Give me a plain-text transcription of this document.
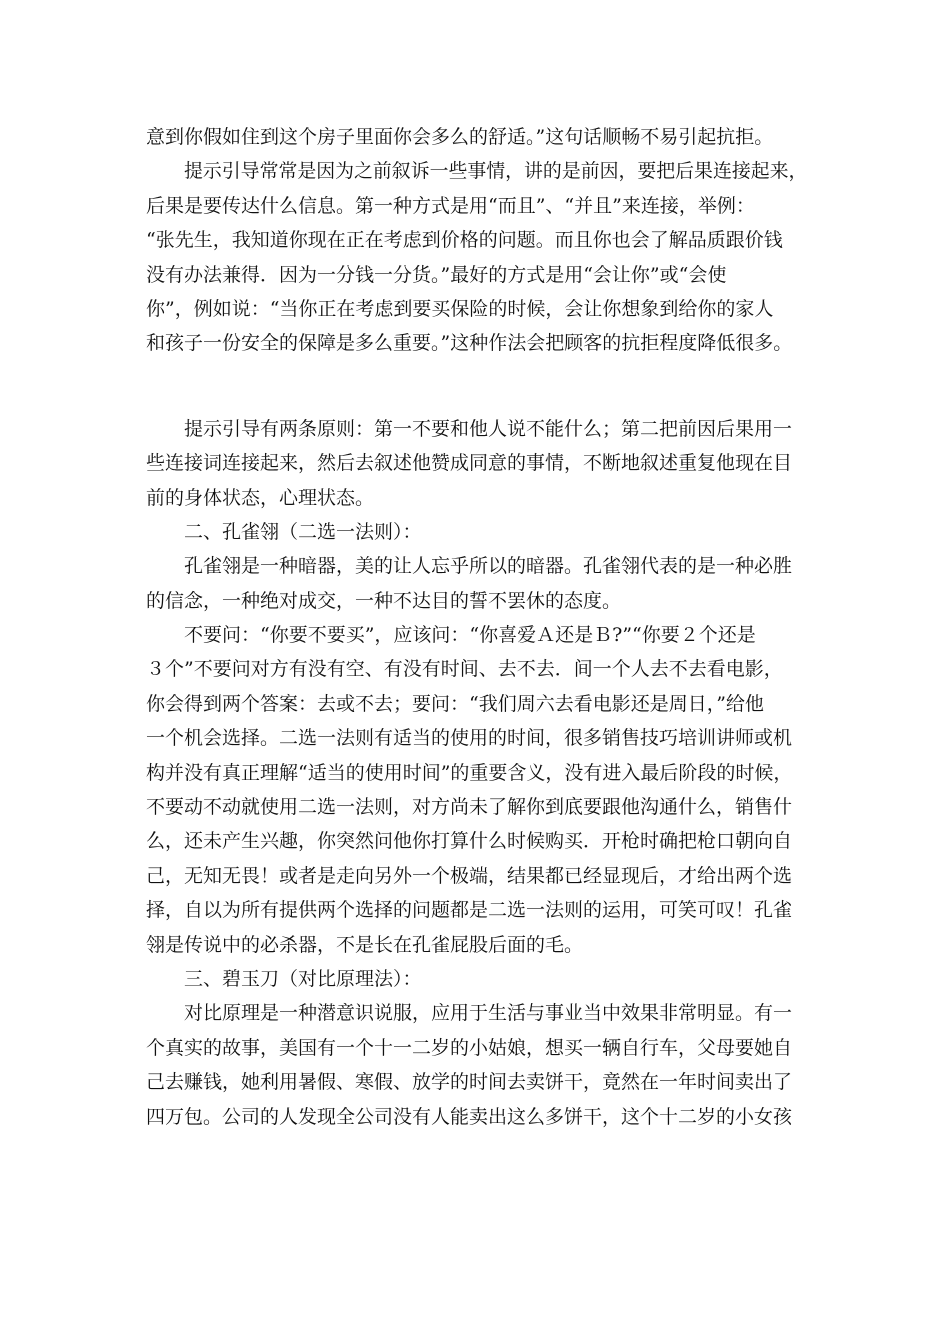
意到你假如住到这个房子里面你会多么的舒适。”这句话顺畅不易引起抗拒。
提示引导常常是因为之前叙诉一些事情，讲的是前因，要把后果连接起来，
后果是要传达什么信息。第一种方式是用“而且”、“并且”来连接，举例：
“张先生，我知道你现在正在考虑到价格的问题。而且你也会了解品质跟价钱
没有办法兼得．因为一分钱一分货。”最好的方式是用“会让你”或“会使
你”，例如说：“当你正在考虑到要买保险的时候，会让你想象到给你的家人
和孩子一份安全的保障是多么重要。”这种作法会把顾客的抗拒程度降低很多。
提示引导有两条原则：第一不要和他人说不能什么；第二把前因后果用一
些连接词连接起来，然后去叙述他赞成同意的事情，不断地叙述重复他现在目
前的身体状态，心理状态。
二、孔雀翎（二选一法则）：
孔雀翎是一种暗器，美的让人忘乎所以的暗器。孔雀翎代表的是一种必胜
的信念，一种绝对成交，一种不达目的誓不罢休的态度。
不要问：“你要不要买”，应该问：“你喜爱Ａ还是Ｂ?”“你要２个还是
３个”不要问对方有没有空、有没有时间、去不去．间一个人去不去看电影，
你会得到两个答案：去或不去；要问：“我们周六去看电影还是周日，”给他
一个机会选择。二选一法则有适当的使用的时间，很多销售技巧培训讲师或机
构并没有真正理解“适当的使用时间”的重要含义，没有进入最后阶段的时候，
不要动不动就使用二选一法则，对方尚未了解你到底要跟他沟通什么，销售什
么，还未产生兴趣，你突然问他你打算什么时候购买．开枪时确把枪口朝向自
己，无知无畏！或者是走向另外一个极端，结果都已经显现后，才给出两个选
择，自以为所有提供两个选择的问题都是二选一法则的运用，可笑可叹！孔雀
翎是传说中的必杀器，不是长在孔雀屁股后面的毛。
三、碧玉刀（对比原理法）：
对比原理是一种潜意识说服，应用于生活与事业当中效果非常明显。有一
个真实的故事，美国有一个十一二岁的小姑娘，想买一辆自行车，父母要她自
己去赚钱，她利用暑假、寒假、放学的时间去卖饼干，竟然在一年时间卖出了
四万包。公司的人发现全公司没有人能卖出这么多饼干，这个十二岁的小女孩
